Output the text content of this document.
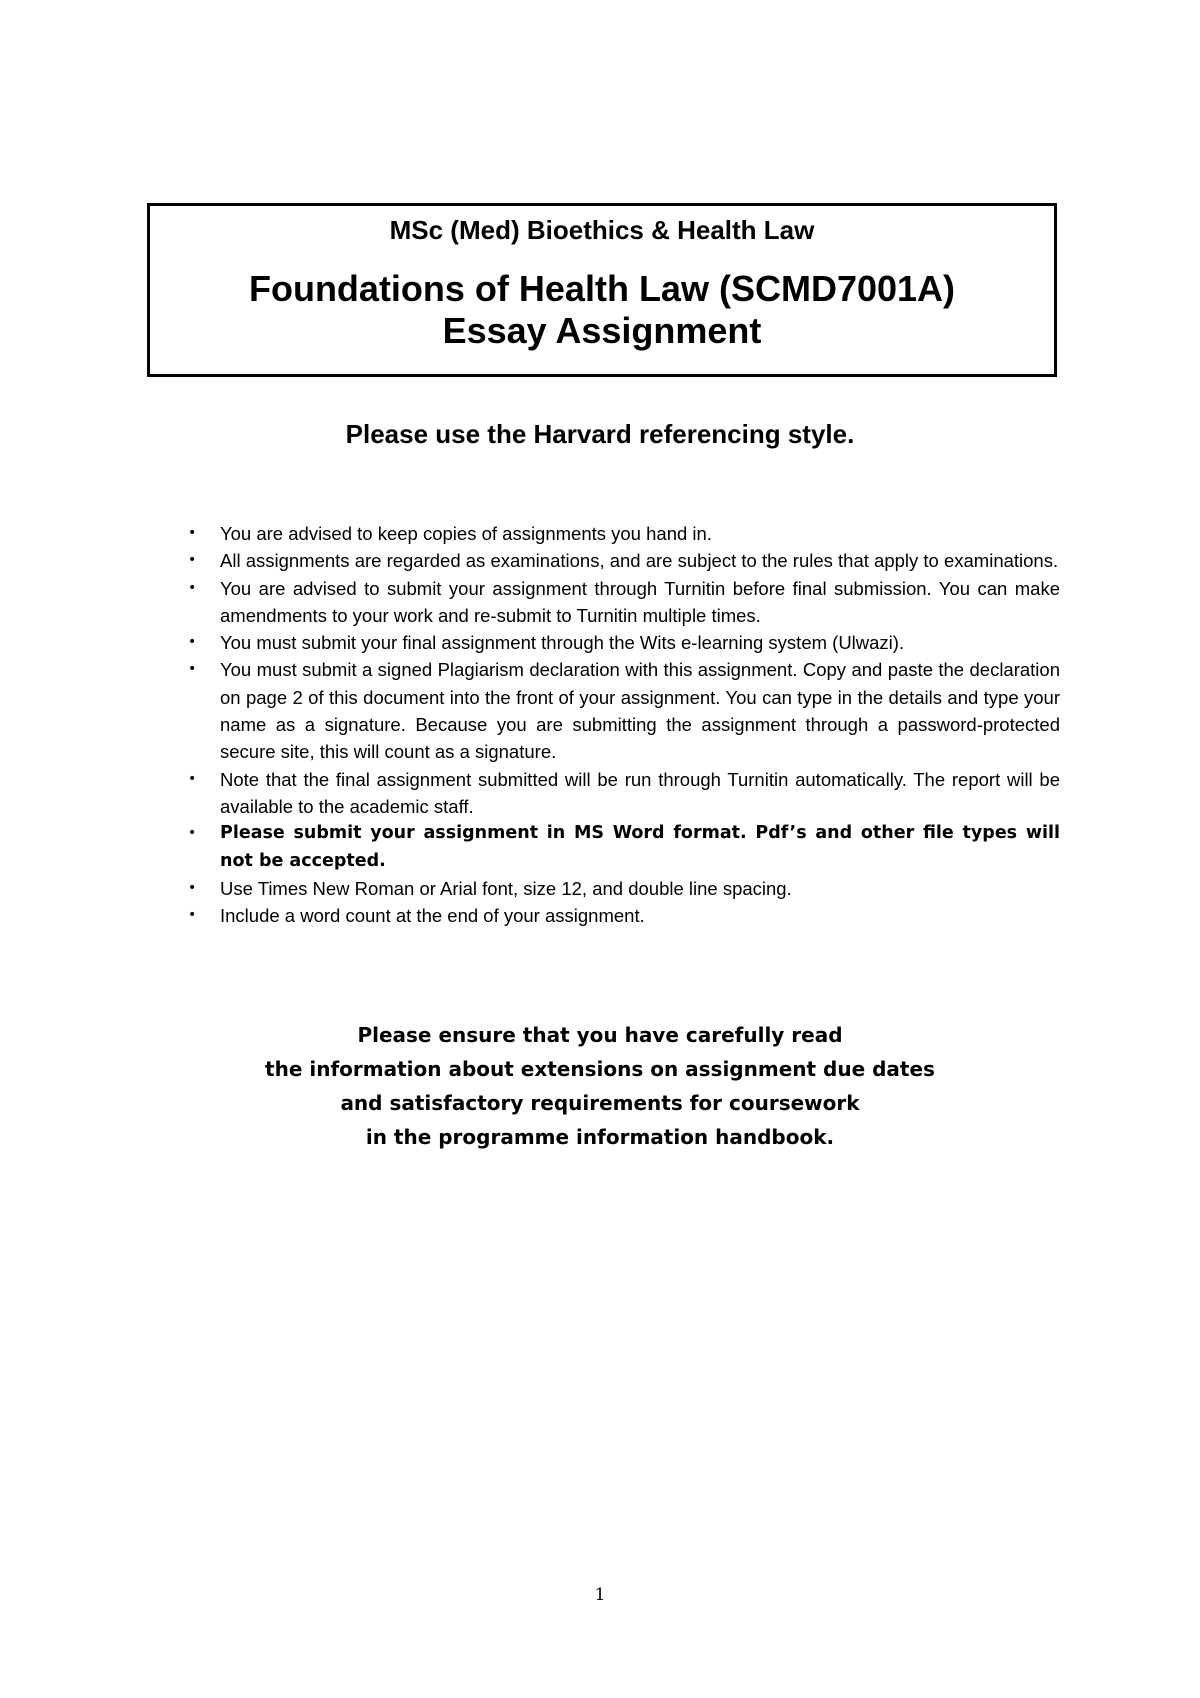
MSc (Med) Bioethics & Health Law
Foundations of Health Law (SCMD7001A)
Essay Assignment
Please use the Harvard referencing style.
• You are advised to keep copies of assignments you hand in.
• All assignments are regarded as examinations, and are subject to the rules that apply to examinations.
• You are advised to submit your assignment through Turnitin before final submission. You can make amendments to your work and re-submit to Turnitin multiple times.
• You must submit your final assignment through the Wits e-learning system (Ulwazi).
• You must submit a signed Plagiarism declaration with this assignment. Copy and paste the declaration on page 2 of this document into the front of your assignment. You can type in the details and type your name as a signature. Because you are submitting the assignment through a password-protected secure site, this will count as a signature.
• Note that the final assignment submitted will be run through Turnitin automatically. The report will be available to the academic staff.
• Please submit your assignment in MS Word format. Pdf’s and other file types will not be accepted.
• Use Times New Roman or Arial font, size 12, and double line spacing.
• Include a word count at the end of your assignment.
Please ensure that you have carefully read
the information about extensions on assignment due dates
and satisfactory requirements for coursework
in the programme information handbook.
1
